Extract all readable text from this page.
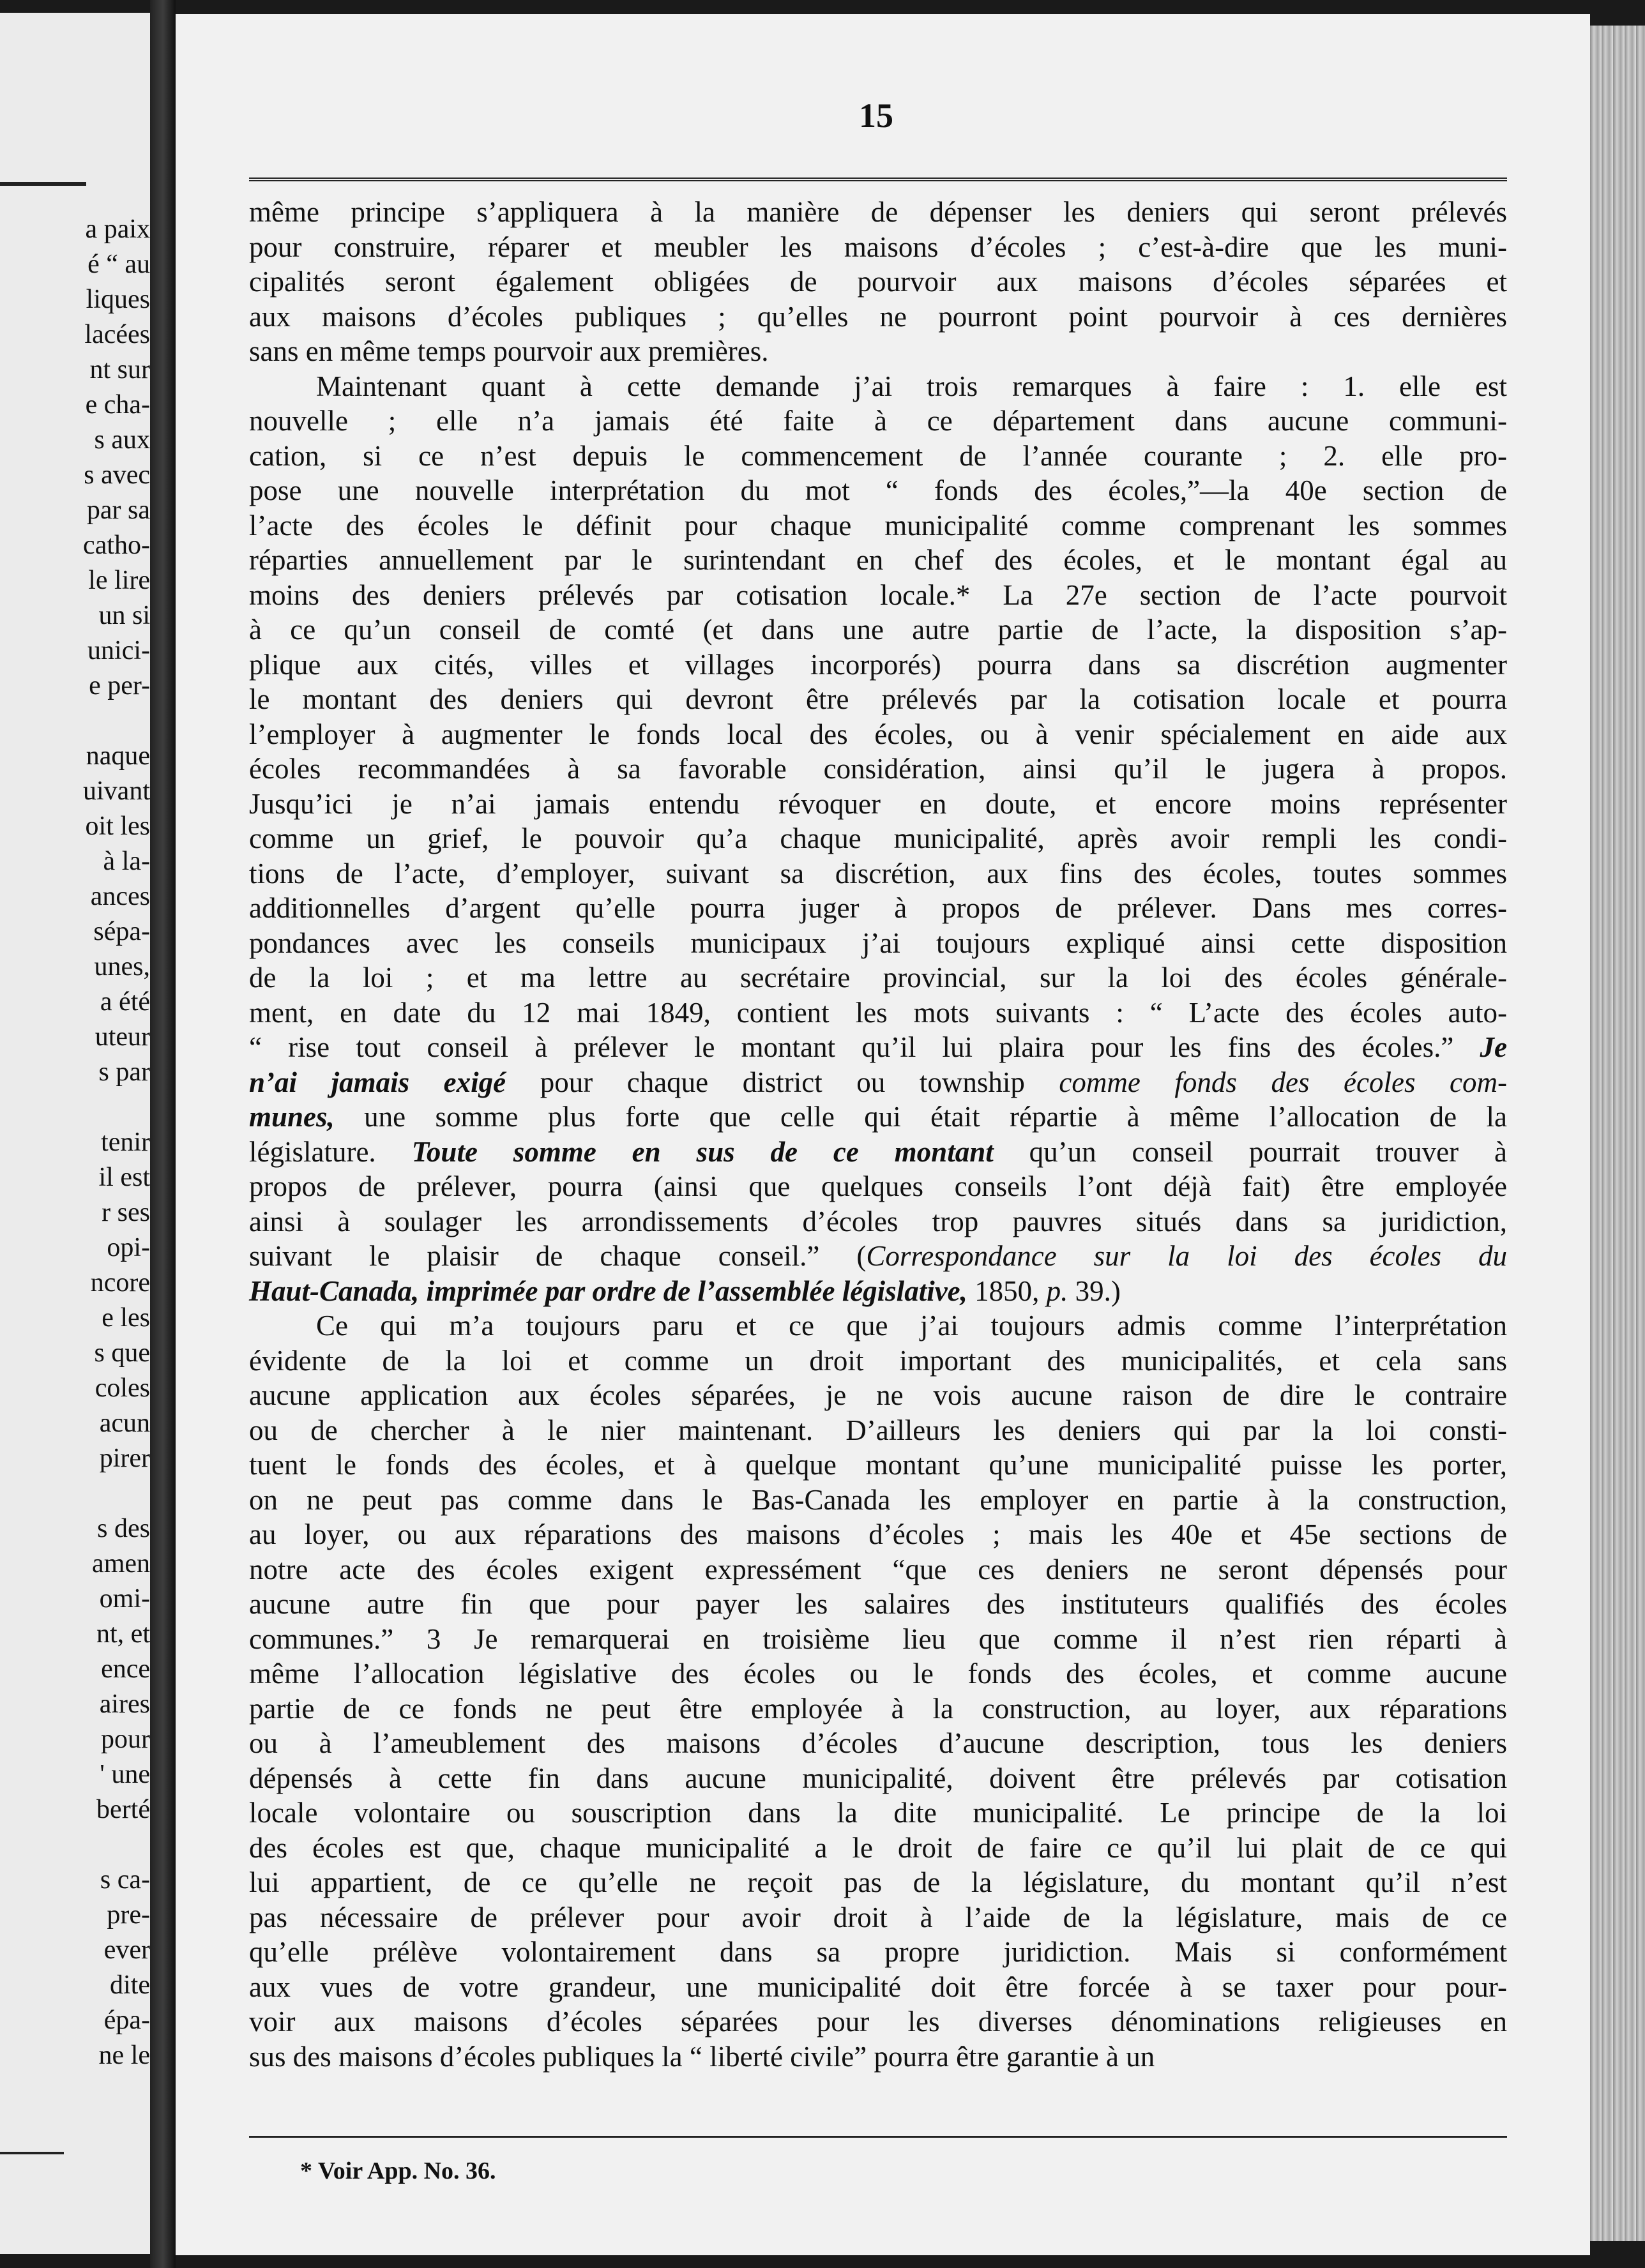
a paix
é “ au
liques
lacées
nt sur
e cha-
s aux
s avec
par sa
catho-
le lire
un si
unici-
e per-
naque
uivant
oit les
à la-
ances
sépa-
unes,
a été
uteur
s par
tenir
il est
r ses
opi-
ncore
e les
s que
coles
acun
pirer
s des
amen
omi-
nt, et
ence
aires
pour
' une
berté
s ca-
pre-
ever
dite
épa-
ne le
15

même principe s’appliquera à la manière de dépenser les deniers qui seront prélevés
pour construire, réparer et meubler les maisons d’écoles ; c’est-à-dire que les muni-
cipalités seront également obligées de pourvoir aux maisons d’écoles séparées et
aux maisons d’écoles publiques ; qu’elles ne pourront point pourvoir à ces dernières
sans en même temps pourvoir aux premières.

Maintenant quant à cette demande j’ai trois remarques à faire : 1. elle est
nouvelle ; elle n’a jamais été faite à ce département dans aucune communi-
cation, si ce n’est depuis le commencement de l’année courante ; 2. elle pro-
pose une nouvelle interprétation du mot “ fonds des écoles,”—la 40e section de
l’acte des écoles le définit pour chaque municipalité comme comprenant les sommes
réparties annuellement par le surintendant en chef des écoles, et le montant égal au
moins des deniers prélevés par cotisation locale.* La 27e section de l’acte pourvoit
à ce qu’un conseil de comté (et dans une autre partie de l’acte, la disposition s’ap-
plique aux cités, villes et villages incorporés) pourra dans sa discrétion augmenter
le montant des deniers qui devront être prélevés par la cotisation locale et pourra
l’employer à augmenter le fonds local des écoles, ou à venir spécialement en aide aux
écoles recommandées à sa favorable considération, ainsi qu’il le jugera à propos.
Jusqu’ici je n’ai jamais entendu révoquer en doute, et encore moins représenter
comme un grief, le pouvoir qu’a chaque municipalité, après avoir rempli les condi-
tions de l’acte, d’employer, suivant sa discrétion, aux fins des écoles, toutes sommes
additionnelles d’argent qu’elle pourra juger à propos de prélever. Dans mes corres-
pondances avec les conseils municipaux j’ai toujours expliqué ainsi cette disposition
de la loi ; et ma lettre au secrétaire provincial, sur la loi des écoles générale-
ment, en date du 12 mai 1849, contient les mots suivants : “ L’acte des écoles auto-
“ rise tout conseil à prélever le montant qu’il lui plaira pour les fins des écoles.” Je
n’ai jamais exigé pour chaque district ou township comme fonds des écoles com-
munes, une somme plus forte que celle qui était répartie à même l’allocation de la
législature. Toute somme en sus de ce montant qu’un conseil pourrait trouver à
propos de prélever, pourra (ainsi que quelques conseils l’ont déjà fait) être employée
ainsi à soulager les arrondissements d’écoles trop pauvres situés dans sa juridiction,
suivant le plaisir de chaque conseil.” (Correspondance sur la loi des écoles du
Haut-Canada, imprimée par ordre de l’assemblée législative, 1850, p. 39.)

Ce qui m’a toujours paru et ce que j’ai toujours admis comme l’interprétation
évidente de la loi et comme un droit important des municipalités, et cela sans
aucune application aux écoles séparées, je ne vois aucune raison de dire le contraire
ou de chercher à le nier maintenant. D’ailleurs les deniers qui par la loi consti-
tuent le fonds des écoles, et à quelque montant qu’une municipalité puisse les porter,
on ne peut pas comme dans le Bas-Canada les employer en partie à la construction,
au loyer, ou aux réparations des maisons d’écoles ; mais les 40e et 45e sections de
notre acte des écoles exigent expressément “que ces deniers ne seront dépensés pour
aucune autre fin que pour payer les salaires des instituteurs qualifiés des écoles
communes.” 3 Je remarquerai en troisième lieu que comme il n’est rien réparti à
même l’allocation législative des écoles ou le fonds des écoles, et comme aucune
partie de ce fonds ne peut être employée à la construction, au loyer, aux réparations
ou à l’ameublement des maisons d’écoles d’aucune description, tous les deniers
dépensés à cette fin dans aucune municipalité, doivent être prélevés par cotisation
locale volontaire ou souscription dans la dite municipalité. Le principe de la loi
des écoles est que, chaque municipalité a le droit de faire ce qu’il lui plait de ce qui
lui appartient, de ce qu’elle ne reçoit pas de la législature, du montant qu’il n’est
pas nécessaire de prélever pour avoir droit à l’aide de la législature, mais de ce
qu’elle prélève volontairement dans sa propre juridiction. Mais si conformément
aux vues de votre grandeur, une municipalité doit être forcée à se taxer pour pour-
voir aux maisons d’écoles séparées pour les diverses dénominations religieuses en
sus des maisons d’écoles publiques la “ liberté civile” pourra être garantie à un

* Voir App. No. 36.
